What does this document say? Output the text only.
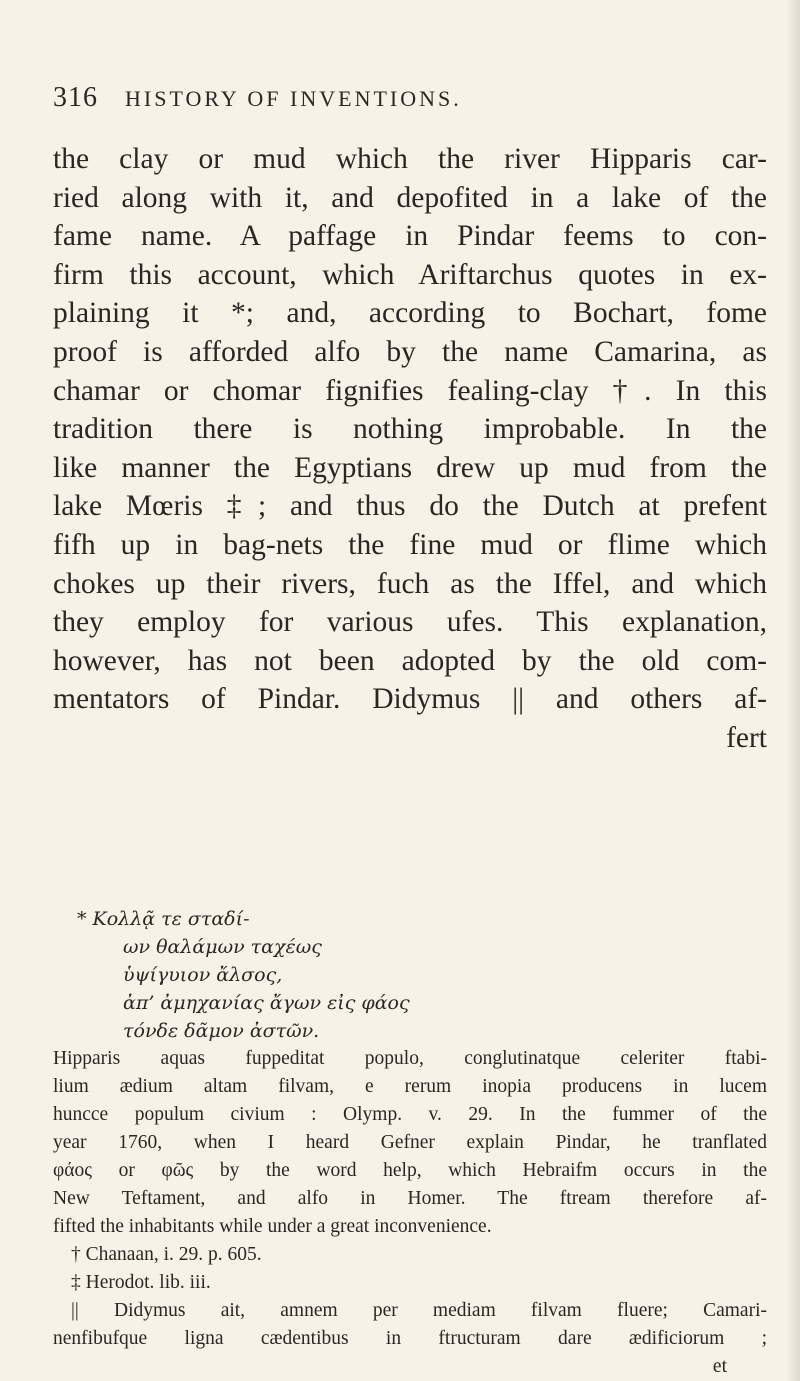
316 HISTORY OF INVENTIONS.
the clay or mud which the river Hipparis car-
ried along with it, and depofited in a lake of the
fame name. A paffage in Pindar feems to con-
firm this account, which Ariftarchus quotes in ex-
plaining it *; and, according to Bochart, fome
proof is afforded alfo by the name Camarina, as
chamar or chomar fignifies fealing-clay †. In this
tradition there is nothing improbable. In the
like manner the Egyptians drew up mud from the
lake Mœris ‡; and thus do the Dutch at prefent
fifh up in bag-nets the fine mud or flime which
chokes up their rivers, fuch as the Iffel, and which
they employ for various ufes. This explanation,
however, has not been adopted by the old com-
mentators of Pindar. Didymus || and others af-
fert
* Κολλᾷ τε σταδί-
ων θαλάμων ταχέως
ὑψίγυιον ἄλσος,
ἀπ’ ἀμηχανίας ἄγων εἰς φάος
τόνδε δᾶμον ἀστῶν.
Hipparis aquas fuppeditat populo, conglutinatque celeriter ftabi-
lium ædium altam filvam, e rerum inopia producens in lucem
huncce populum civium : Olymp. v. 29. In the fummer of the
year 1760, when I heard Gefner explain Pindar, he tranflated
φάος or φῶς by the word help, which Hebraifm occurs in the
New Teftament, and alfo in Homer. The ftream therefore af-
fifted the inhabitants while under a great inconvenience.
† Chanaan, i. 29. p. 605.
‡ Herodot. lib. iii.
|| Didymus ait, amnem per mediam filvam fluere; Camari-
nenfibufque ligna cædentibus in ftructuram dare ædificiorum ;
et
